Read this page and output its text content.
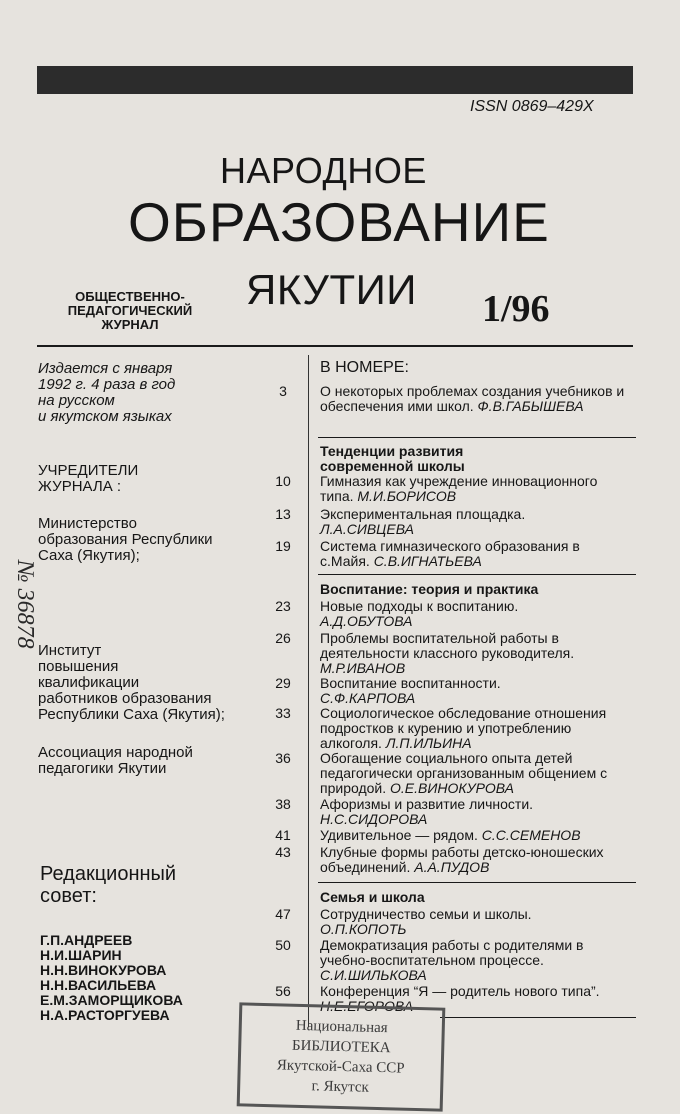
ISSN 0869–429X
НАРОДНОЕ
ОБРАЗОВАНИЕ
ЯКУТИИ
ОБЩЕСТВЕННО-
ПЕДАГОГИЧЕСКИЙ
ЖУРНАЛ	1/96
Издается с января
1992 г. 4 раза в год
на русском
и якутском языках
УЧРЕДИТЕЛИ
ЖУРНАЛА :
Министерство
образования Республики
Саха (Якутия);
Институт
повышения
квалификации
работников образования
Республики Саха (Якутия);
Ассоциация народной
педагогики Якутии
Редакционный
совет:
Г.П.АНДРЕЕВ
Н.И.ШАРИН
Н.Н.ВИНОКУРОВА
Н.Н.ВАСИЛЬЕВА
Е.М.ЗАМОРЩИКОВА
Н.А.РАСТОРГУЕВА
В НОМЕРЕ:
3	О некоторых проблемах создания учебников и обеспечения ими школ. Ф.В.ГАБЫШЕВА
Тенденции развития
современной школы
10	Гимназия как учреждение инновационного типа. М.И.БОРИСОВ
13	Экспериментальная площадка.
Л.А.СИВЦЕВА
19	Система гимназического образования в с.Майя. С.В.ИГНАТЬЕВА
Воспитание: теория и практика
23	Новые подходы к воспитанию.
А.Д.ОБУТОВА
26	Проблемы воспитательной работы в деятельности классного руководителя. М.Р.ИВАНОВ
29	Воспитание воспитанности.
С.Ф.КАРПОВА
33	Социологическое обследование отношения подростков к курению и употреблению алкоголя. Л.П.ИЛЬИНА
36	Обогащение социального опыта детей педагогически организованным общением с природой. О.Е.ВИНОКУРОВА
38	Афоризмы и развитие личности.
Н.С.СИДОРОВА
41	Удивительное — рядом. С.С.СЕМЕНОВ
43	Клубные формы работы детско-юношеских объединений. А.А.ПУДОВ
Семья и школа
47	Сотрудничество семьи и школы.
О.П.КОПОТЬ
50	Демократизация работы с родителями в учебно-воспитательном процессе. С.И.ШИЛЬКОВА
56	Конференция “Я — родитель нового типа”. Н.Е.ЕГОРОВА
Национальная
БИБЛИОТЕКА
Якутской-Саха ССР
г. Якутск
№ 36878
